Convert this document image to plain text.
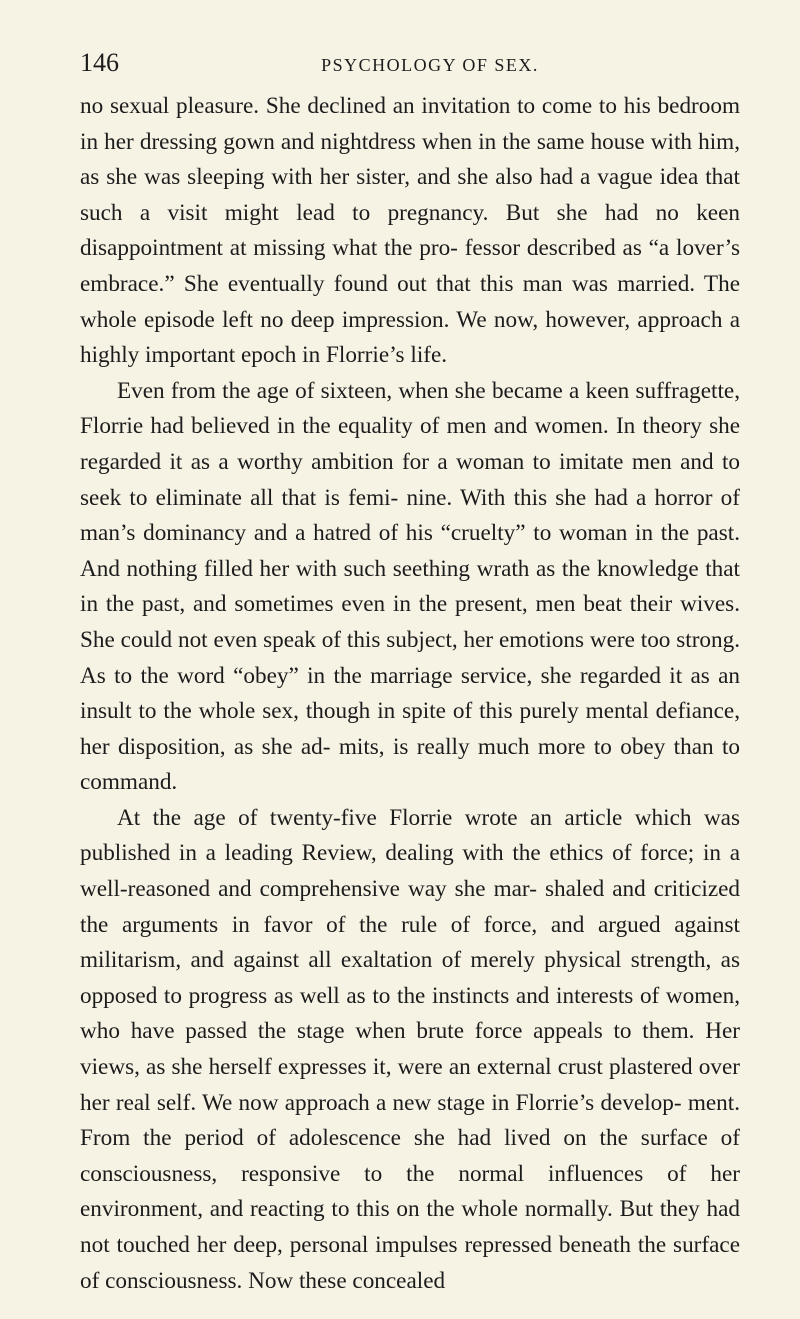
146	PSYCHOLOGY OF SEX.

no sexual pleasure. She declined an invitation to come to his bedroom in her dressing gown and nightdress when in the same house with him, as she was sleeping with her sister, and she also had a vague idea that such a visit might lead to pregnancy. But she had no keen disappointment at missing what the pro- fessor described as “a lover’s embrace.” She eventually found out that this man was married. The whole episode left no deep impression. We now, however, approach a highly important epoch in Florrie’s life.

Even from the age of sixteen, when she became a keen suffragette, Florrie had believed in the equality of men and women. In theory she regarded it as a worthy ambition for a woman to imitate men and to seek to eliminate all that is femi- nine. With this she had a horror of man’s dominancy and a hatred of his “cruelty” to woman in the past. And nothing filled her with such seething wrath as the knowledge that in the past, and sometimes even in the present, men beat their wives. She could not even speak of this subject, her emotions were too strong. As to the word “obey” in the marriage service, she regarded it as an insult to the whole sex, though in spite of this purely mental defiance, her disposition, as she ad- mits, is really much more to obey than to command.

At the age of twenty-five Florrie wrote an article which was published in a leading Review, dealing with the ethics of force; in a well-reasoned and comprehensive way she mar- shaled and criticized the arguments in favor of the rule of force, and argued against militarism, and against all exaltation of merely physical strength, as opposed to progress as well as to the instincts and interests of women, who have passed the stage when brute force appeals to them. Her views, as she herself expresses it, were an external crust plastered over her real self. We now approach a new stage in Florrie’s develop- ment. From the period of adolescence she had lived on the surface of consciousness, responsive to the normal influences of her environment, and reacting to this on the whole normally. But they had not touched her deep, personal impulses repressed beneath the surface of consciousness. Now these concealed
